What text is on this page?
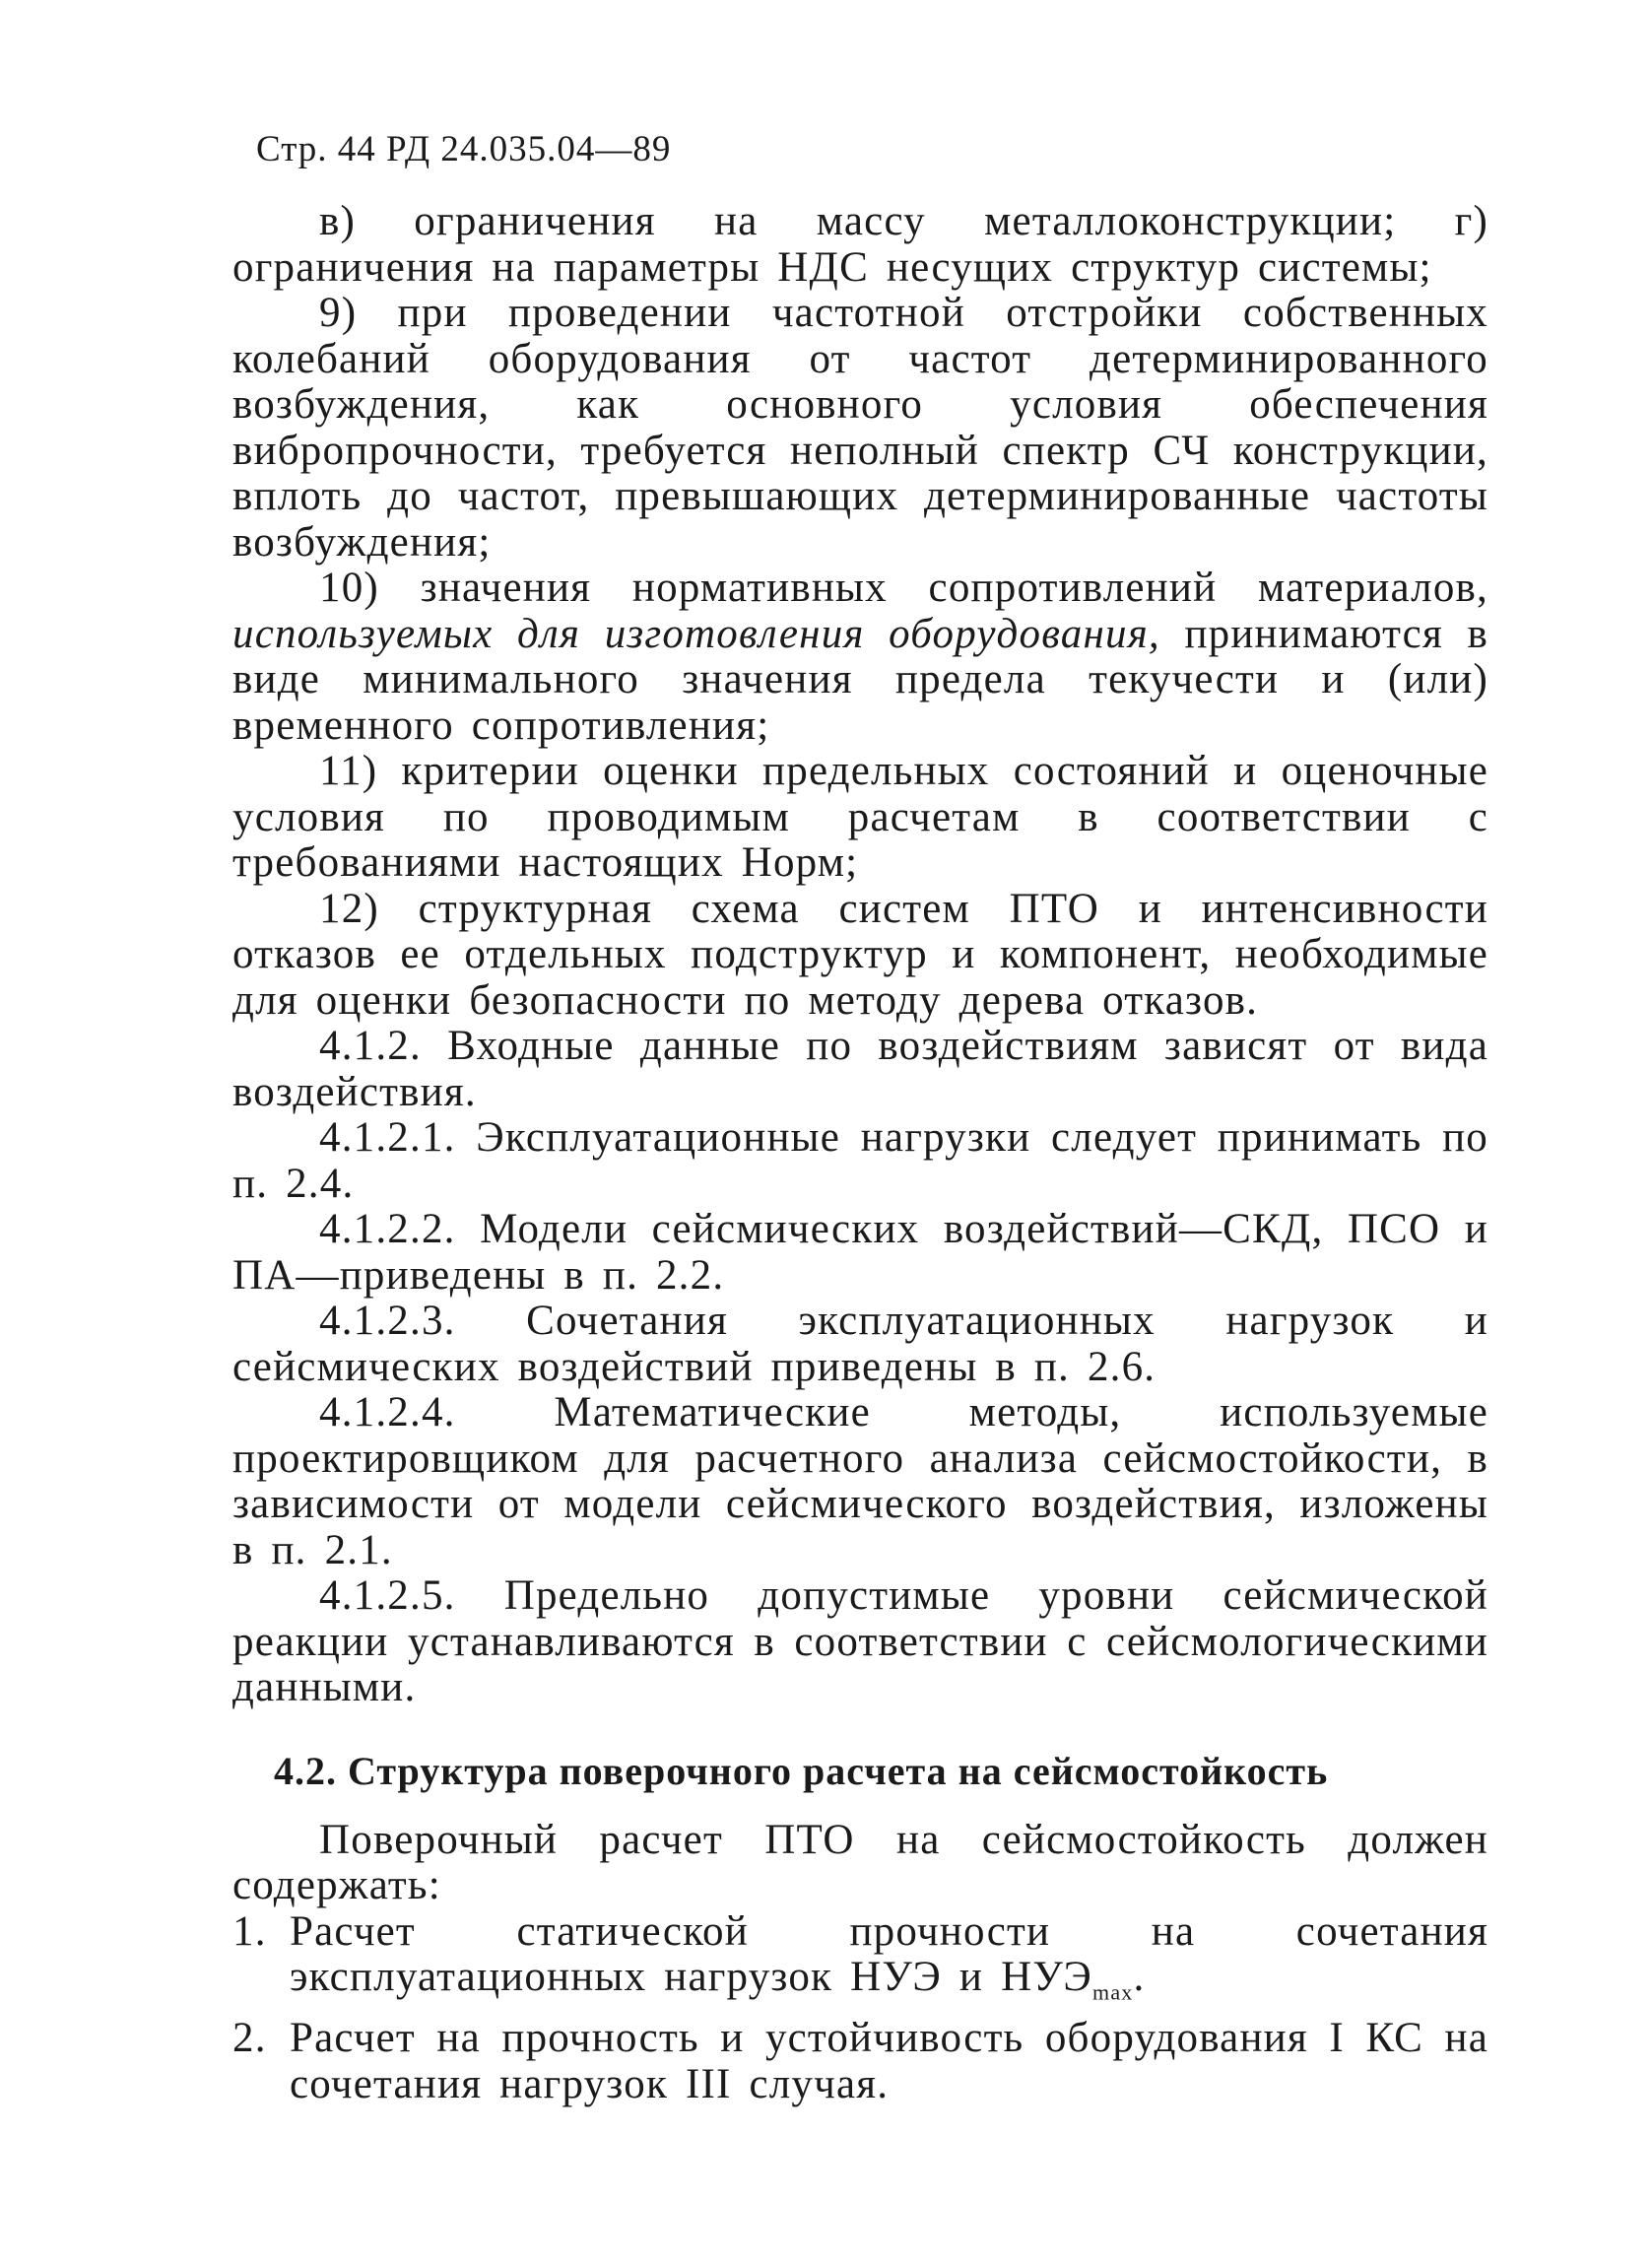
Стр. 44 РД 24.035.04—89

в) ограничения на массу металлоконструкции; г) ограничения на параметры НДС несущих структур системы;

9) при проведении частотной отстройки собственных колебаний оборудования от частот детерминированного возбуждения, как основного условия обеспечения вибропрочности, требуется неполный спектр СЧ конструкции, вплоть до частот, превышающих детерминированные частоты возбуждения;

10) значения нормативных сопротивлений материалов, используемых для изготовления оборудования, принимаются в виде минимального значения предела текучести и (или) временного сопротивления;

11) критерии оценки предельных состояний и оценочные условия по проводимым расчетам в соответствии с требованиями настоящих Норм;

12) структурная схема систем ПТО и интенсивности отказов ее отдельных подструктур и компонент, необходимые для оценки безопасности по методу дерева отказов.

4.1.2. Входные данные по воздействиям зависят от вида воздействия.

4.1.2.1. Эксплуатационные нагрузки следует принимать по п. 2.4.

4.1.2.2. Модели сейсмических воздействий—СКД, ПСО и ПА—приведены в п. 2.2.

4.1.2.3. Сочетания эксплуатационных нагрузок и сейсмических воздействий приведены в п. 2.6.

4.1.2.4. Математические методы, используемые проектировщиком для расчетного анализа сейсмостойкости, в зависимости от модели сейсмического воздействия, изложены в п. 2.1.

4.1.2.5. Предельно допустимые уровни сейсмической реакции устанавливаются в соответствии с сейсмологическими данными.

4.2. Структура поверочного расчета на сейсмостойкость

Поверочный расчет ПТО на сейсмостойкость должен содержать:

1. Расчет статической прочности на сочетания эксплуатационных нагрузок НУЭ и $НУЭ_{max}$.
2. Расчет на прочность и устойчивость оборудования I КС на сочетания нагрузок III случая.
